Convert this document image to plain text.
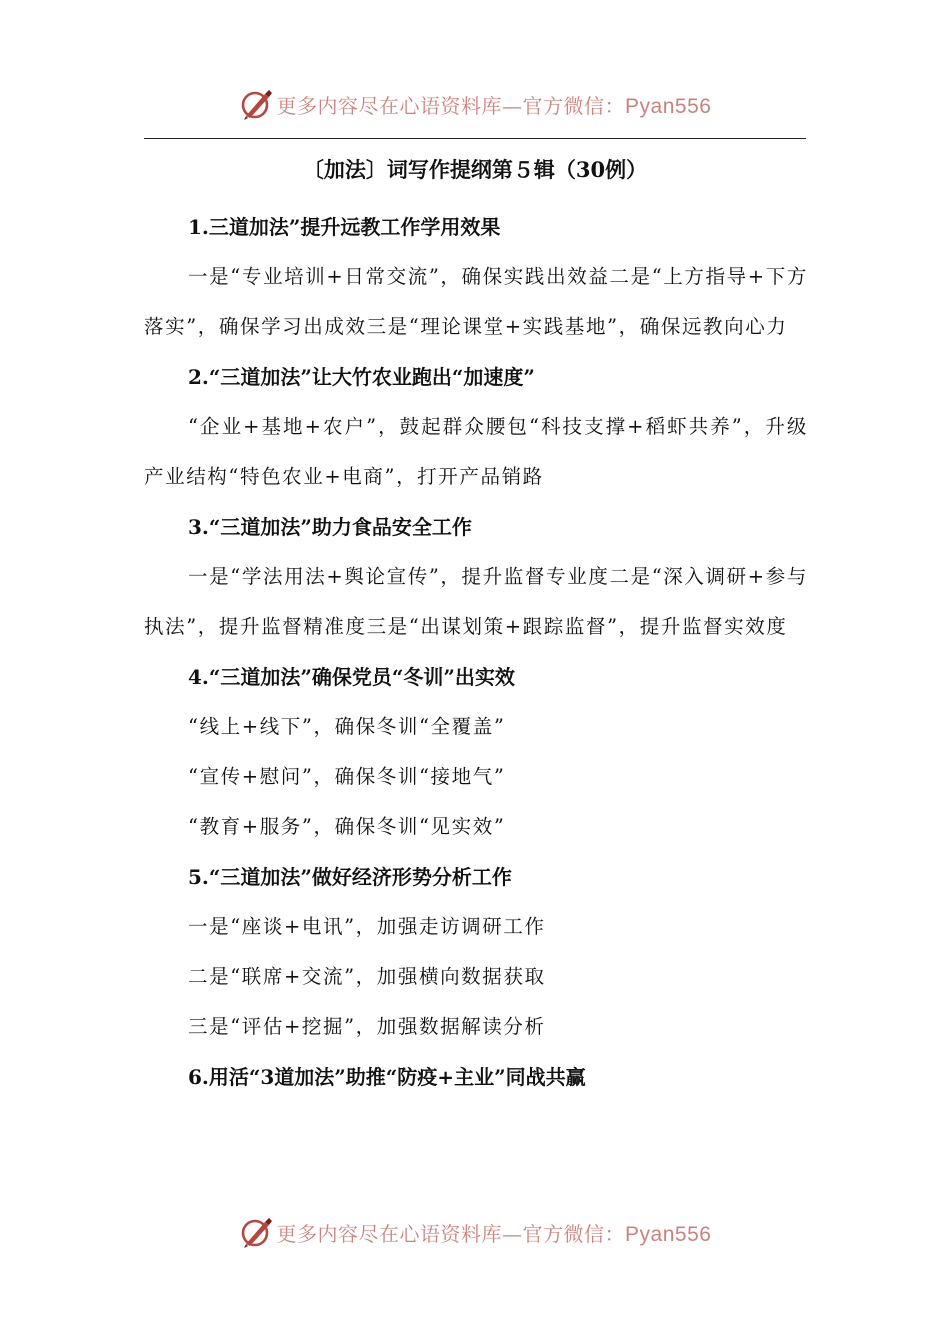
更多内容尽在心语资料库—官方微信：Pyan556
〔加法〕词写作提纲第５辑（30例）
1.三道加法”提升远教工作学用效果
一是“专业培训+日常交流”，确保实践出效益二是“上方指导+下方落实”，确保学习出成效三是“理论课堂+实践基地”，确保远教向心力
2.“三道加法”让大竹农业跑出“加速度”
“企业+基地+农户”，鼓起群众腰包“科技支撑+稻虾共养”，升级产业结构“特色农业+电商”，打开产品销路
3.“三道加法”助力食品安全工作
一是“学法用法+舆论宣传”，提升监督专业度二是“深入调研+参与执法”，提升监督精准度三是“出谋划策+跟踪监督”，提升监督实效度
4.“三道加法”确保党员“冬训”出实效
“线上+线下”，确保冬训“全覆盖”
“宣传+慰问”，确保冬训“接地气”
“教育+服务”，确保冬训“见实效”
5.“三道加法”做好经济形势分析工作
一是“座谈+电讯”，加强走访调研工作
二是“联席+交流”，加强横向数据获取
三是“评估+挖掘”，加强数据解读分析
6.用活“3道加法”助推“防疫+主业”同战共赢
更多内容尽在心语资料库—官方微信：Pyan556
